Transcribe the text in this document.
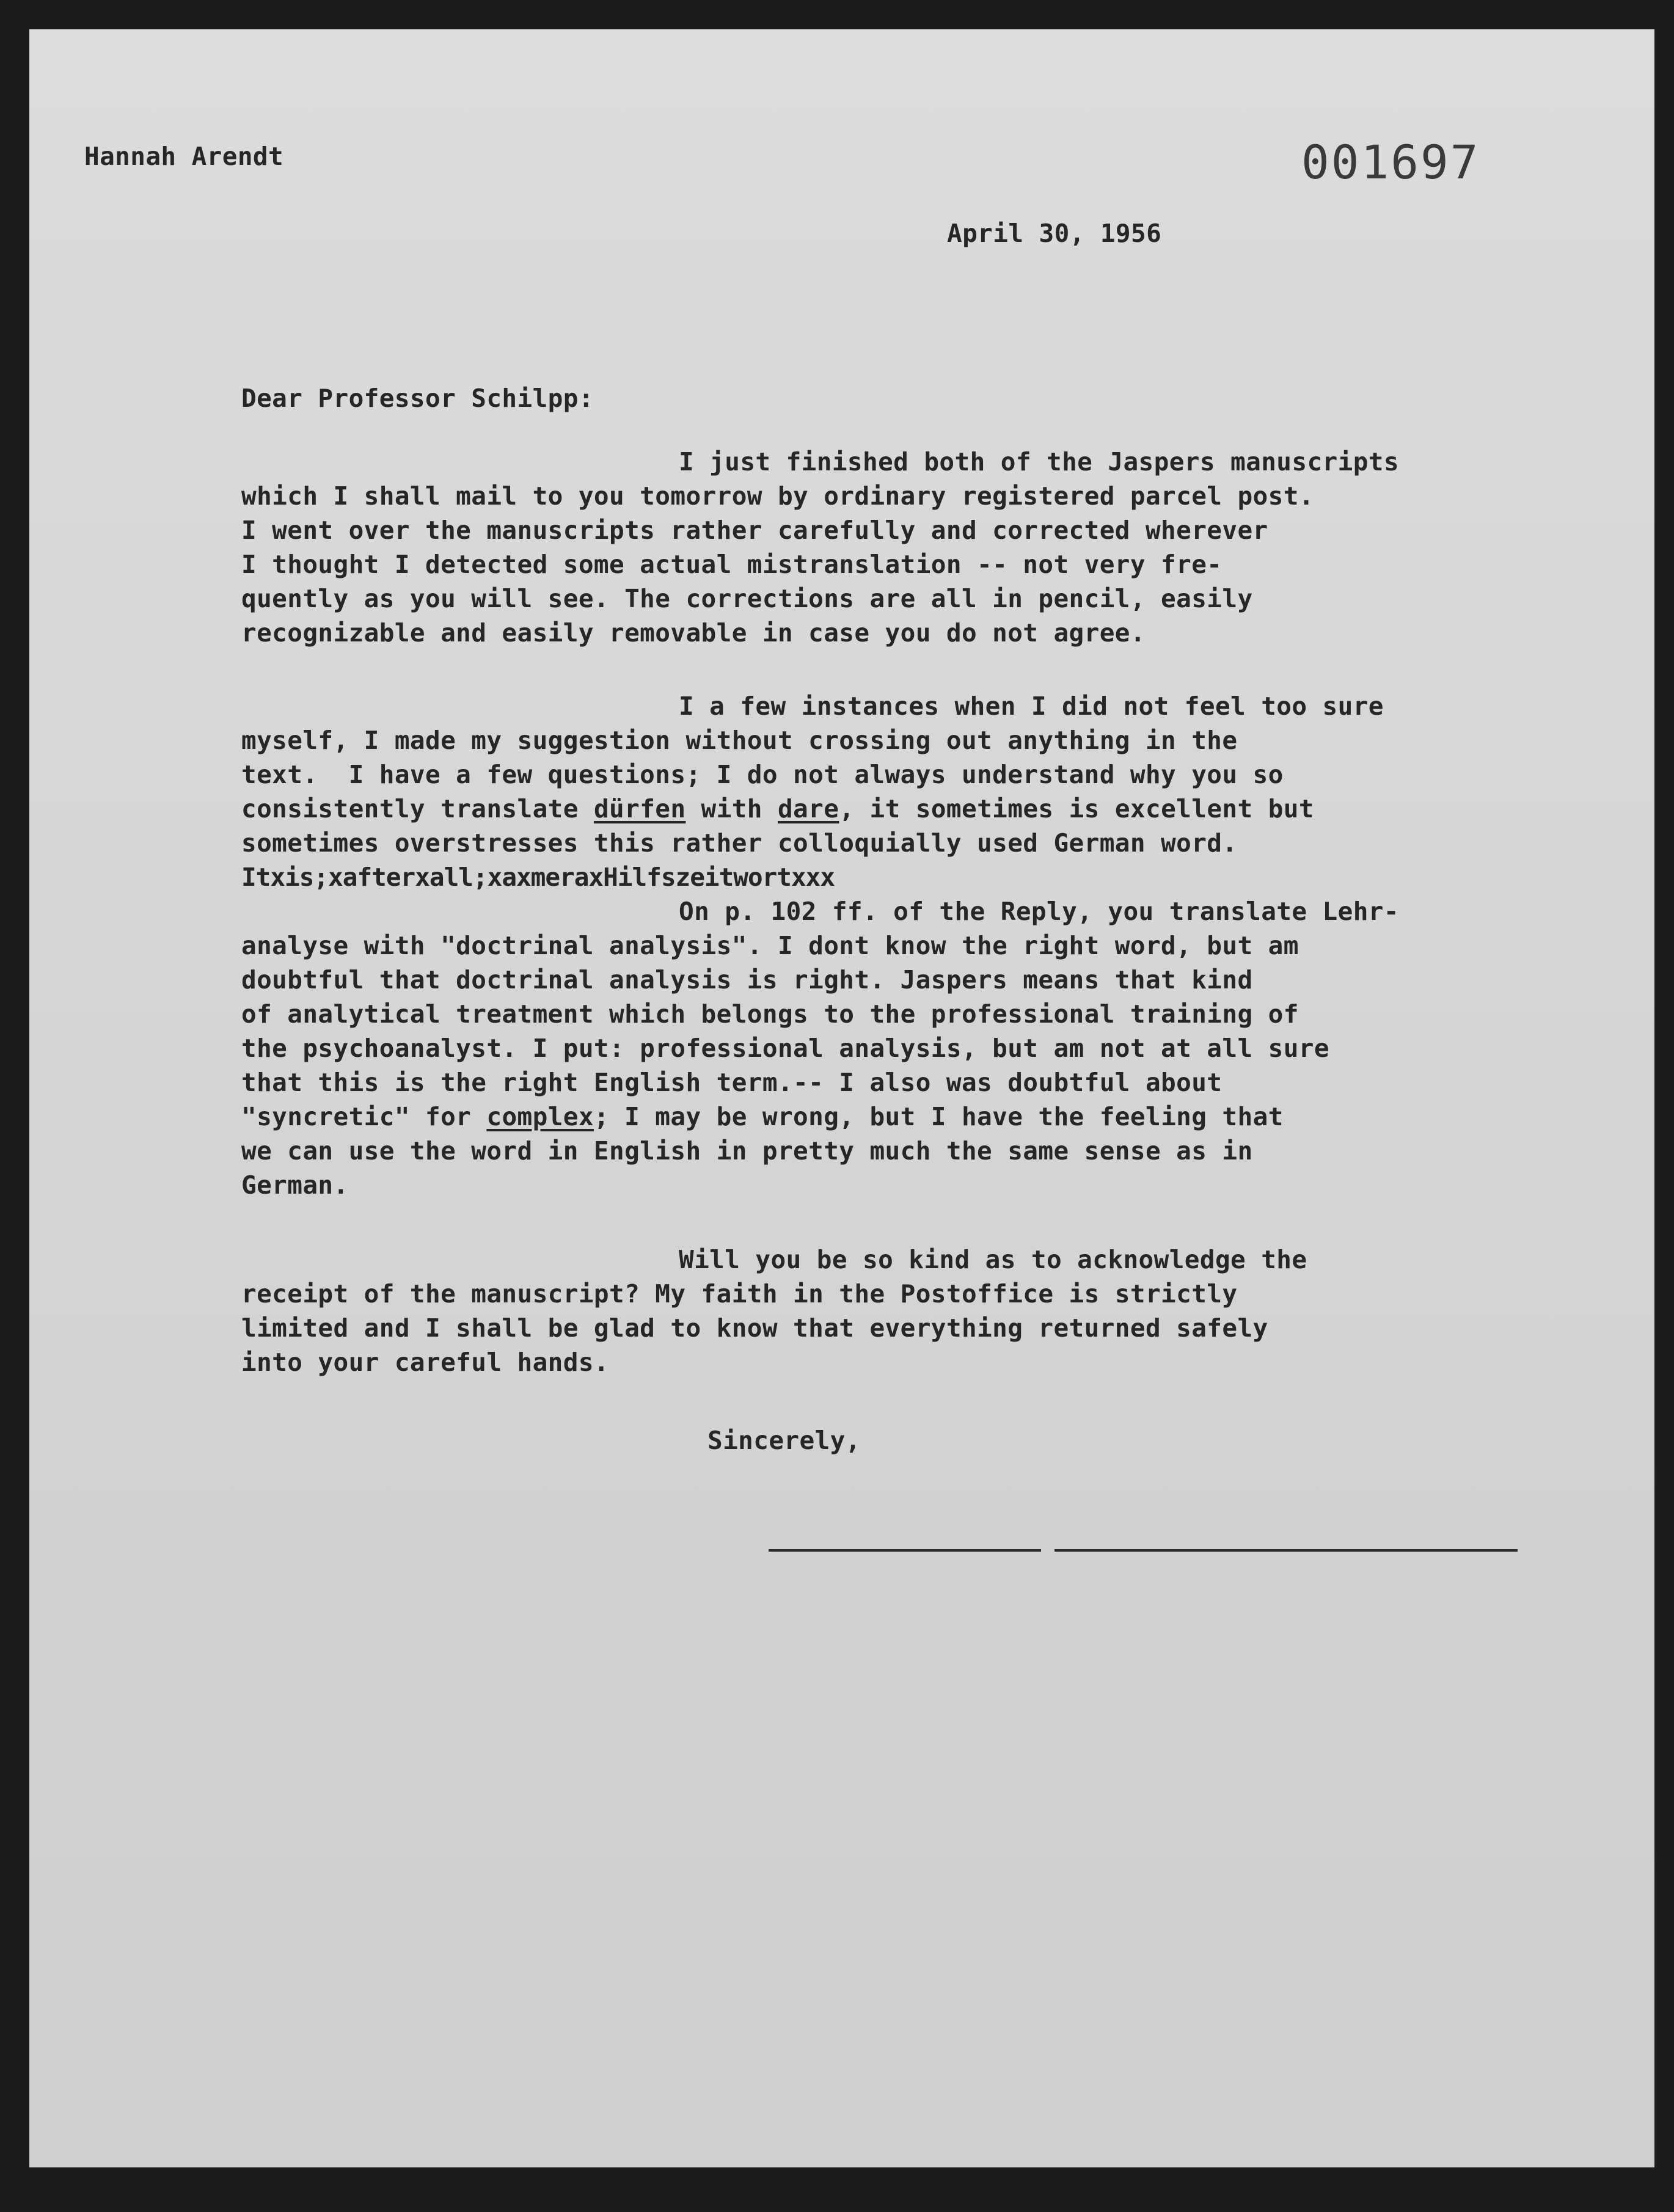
Hannah Arendt	001697
April 30, 1956
Dear Professor Schilpp:
I just finished both of the Jaspers manuscripts
which I shall mail to you tomorrow by ordinary registered parcel post.
I went over the manuscripts rather carefully and corrected wherever
I thought I detected some actual mistranslation -- not very fre-
quently as you will see. The corrections are all in pencil, easily
recognizable and easily removable in case you do not agree.
I a few instances when I did not feel too sure
myself, I made my suggestion without crossing out anything in the
text.  I have a few questions; I do not always understand why you so
consistently translate dürfen with dare, it sometimes is excellent but
sometimes overstresses this rather colloquially used German word.
Itxis;xafterxall;xaxmeraxHilfszeitwortxxx
On p. 102 ff. of the Reply, you translate Lehr-
analyse with "doctrinal analysis". I dont know the right word, but am
doubtful that doctrinal analysis is right. Jaspers means that kind
of analytical treatment which belongs to the professional training of
the psychoanalyst. I put: professional analysis, but am not at all sure
that this is the right English term.-- I also was doubtful about
"syncretic" for complex; I may be wrong, but I have the feeling that
we can use the word in English in pretty much the same sense as in
German.
Will you be so kind as to acknowledge the
receipt of the manuscript? My faith in the Postoffice is strictly
limited and I shall be glad to know that everything returned safely
into your careful hands.
Sincerely,
